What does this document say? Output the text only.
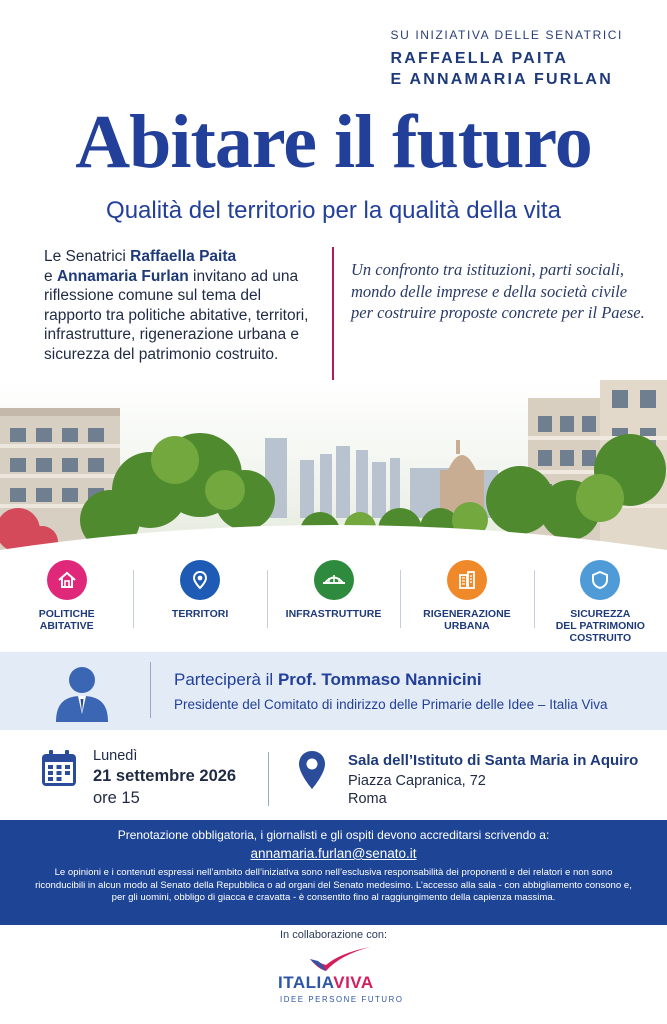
SU INIZIATIVA DELLE SENATRICI
RAFFAELLA PAITA
E ANNAMARIA FURLAN
Abitare il futuro
Qualità del territorio per la qualità della vita
Le Senatrici Raffaella Paita
e Annamaria Furlan invitano ad una riflessione comune sul tema del rapporto tra politiche abitative, territori, infrastrutture, rigenerazione urbana e sicurezza del patrimonio costruito.
Un confronto tra istituzioni, parti sociali, mondo delle imprese e della società civile per costruire proposte concrete per il Paese.
POLITICHE
ABITATIVE
TERRITORI	INFRASTRUTTURE	RIGENERAZIONE
URBANA
SICUREZZA
DEL PATRIMONIO
COSTRUITO
Parteciperà il Prof. Tommaso Nannicini
Presidente del Comitato di indirizzo delle Primarie delle Idee – Italia Viva
Lunedì
21 settembre 2026
ore 15
Sala dell’Istituto di Santa Maria in Aquiro
Piazza Capranica, 72
Roma
Prenotazione obbligatoria, i giornalisti e gli ospiti devono accreditarsi scrivendo a:
annamaria.furlan@senato.it
Le opinioni e i contenuti espressi nell’ambito dell’iniziativa sono nell’esclusiva responsabilità dei proponenti e dei relatori e non sono riconducibili in alcun modo al Senato della Repubblica o ad organi del Senato medesimo. L’accesso alla sala - con abbigliamento consono e, per gli uomini, obbligo di giacca e cravatta - è consentito fino al raggiungimento della capienza massima.
In collaborazione con:
ITALIAVIVA
IDEE PERSONE FUTURO
